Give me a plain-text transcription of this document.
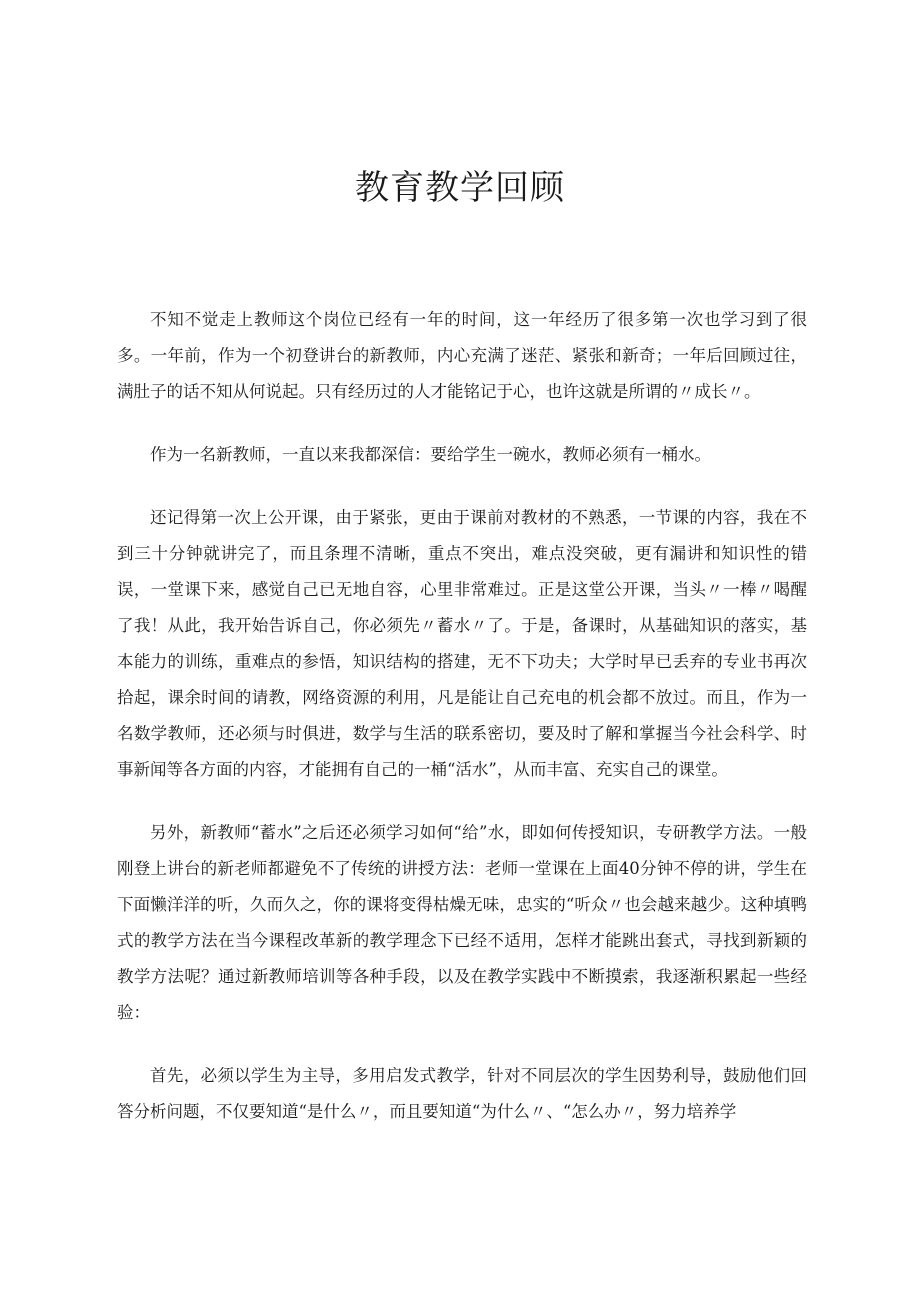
教育教学回顾

不知不觉走上教师这个岗位已经有一年的时间，这一年经历了很多第一次也学习到了很多。一年前，作为一个初登讲台的新教师，内心充满了迷茫、紧张和新奇；一年后回顾过往，满肚子的话不知从何说起。只有经历过的人才能铭记于心，也许这就是所谓的〃成长〃。

作为一名新教师，一直以来我都深信：要给学生一碗水，教师必须有一桶水。

还记得第一次上公开课，由于紧张，更由于课前对教材的不熟悉，一节课的内容，我在不到三十分钟就讲完了，而且条理不清晰，重点不突出，难点没突破，更有漏讲和知识性的错误，一堂课下来，感觉自己已无地自容，心里非常难过。正是这堂公开课，当头〃一棒〃喝醒了我！从此，我开始告诉自己，你必须先〃蓄水〃了。于是，备课时，从基础知识的落实，基本能力的训练，重难点的参悟，知识结构的搭建，无不下功夫；大学时早已丢弃的专业书再次拾起，课余时间的请教，网络资源的利用，凡是能让自己充电的机会都不放过。而且，作为一名数学教师，还必须与时俱进，数学与生活的联系密切，要及时了解和掌握当今社会科学、时事新闻等各方面的内容，才能拥有自己的一桶“活水”，从而丰富、充实自己的课堂。

另外，新教师“蓄水”之后还必须学习如何“给”水，即如何传授知识，专研教学方法。一般刚登上讲台的新老师都避免不了传统的讲授方法：老师一堂课在上面40分钟不停的讲，学生在下面懒洋洋的听，久而久之，你的课将变得枯燥无味，忠实的“听众〃也会越来越少。这种填鸭式的教学方法在当今课程改革新的教学理念下已经不适用，怎样才能跳出套式，寻找到新颖的教学方法呢？通过新教师培训等各种手段，以及在教学实践中不断摸索，我逐渐积累起一些经验：

首先，必须以学生为主导，多用启发式教学，针对不同层次的学生因势利导，鼓励他们回答分析问题，不仅要知道“是什么〃，而且要知道“为什么〃、“怎么办〃，努力培养学
